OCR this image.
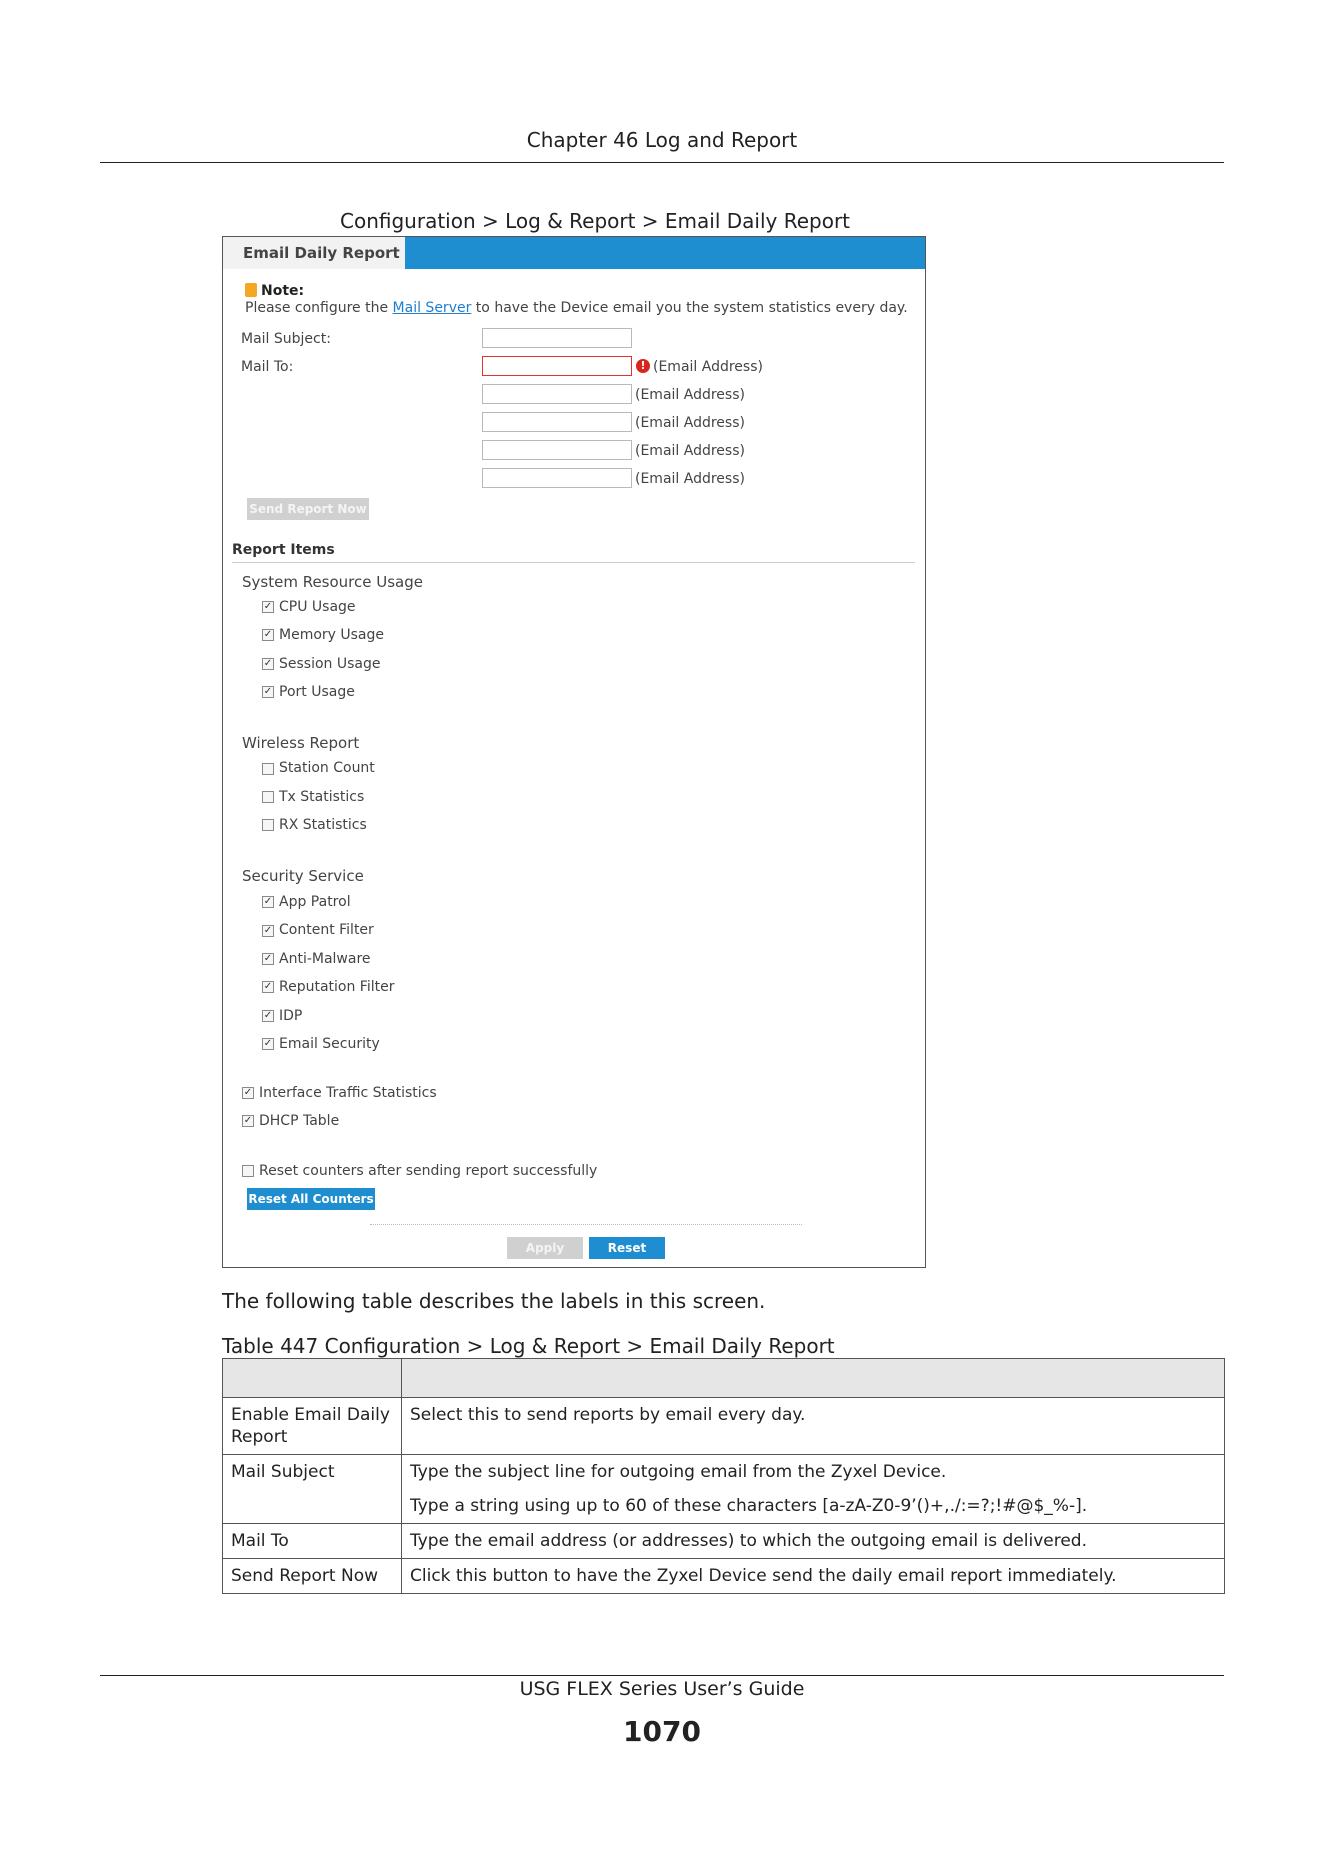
Chapter 46 Log and Report
Configuration > Log & Report > Email Daily Report
Email Daily Report
Note:
Please configure the Mail Server to have the Device email you the system statistics every day.
Mail Subject:
Mail To:	! (Email Address)
(Email Address)
(Email Address)
(Email Address)
(Email Address)
Send Report Now
Report Items
System Resource Usage
✓ CPU Usage
✓ Memory Usage
✓ Session Usage
✓ Port Usage
Wireless Report
Station Count
Tx Statistics
RX Statistics
Security Service
✓ App Patrol
✓ Content Filter
✓ Anti-Malware
✓ Reputation Filter
✓ IDP
✓ Email Security
✓ Interface Traffic Statistics
✓ DHCP Table
Reset counters after sending report successfully
Reset All Counters
Apply	Reset
The following table describes the labels in this screen.
Table 447 Configuration > Log & Report > Email Daily Report

Enable Email Daily Report	Select this to send reports by email every day.

Mail Subject	Type the subject line for outgoing email from the Zyxel Device.
Type a string using up to 60 of these characters [a-zA-Z0-9’()+,./:=?;!#@$_%-].

Mail To	Type the email address (or addresses) to which the outgoing email is delivered.

Send Report Now	Click this button to have the Zyxel Device send the daily email report immediately.
USG FLEX Series User’s Guide
1070
